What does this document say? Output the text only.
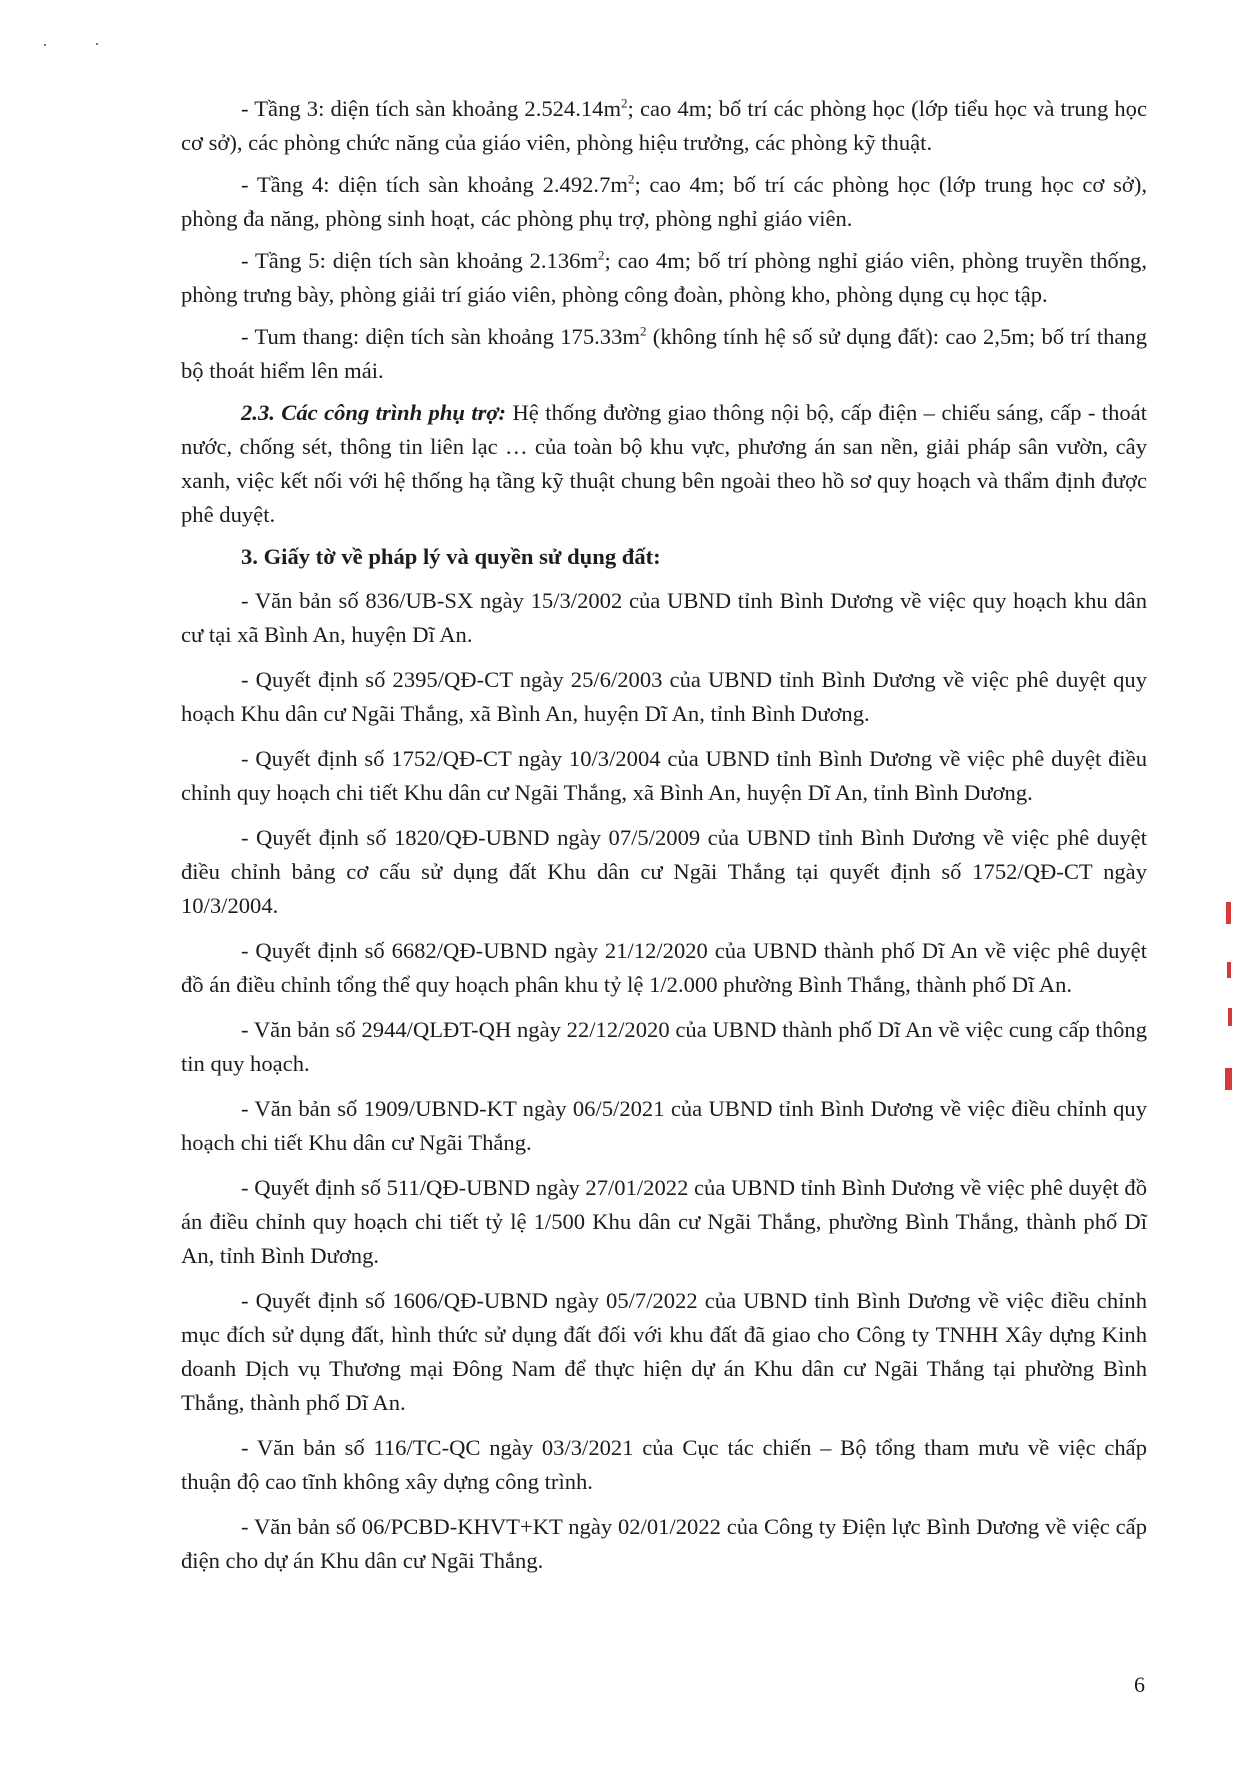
- Tầng 3: diện tích sàn khoảng $2.524.14m^2$; cao 4m; bố trí các phòng học (lớp tiểu học và trung học cơ sở), các phòng chức năng của giáo viên, phòng hiệu trưởng, các phòng kỹ thuật.

- Tầng 4: diện tích sàn khoảng $2.492.7m^2$; cao 4m; bố trí các phòng học (lớp trung học cơ sở), phòng đa năng, phòng sinh hoạt, các phòng phụ trợ, phòng nghỉ giáo viên.

- Tầng 5: diện tích sàn khoảng $2.136m^2$; cao 4m; bố trí phòng nghỉ giáo viên, phòng truyền thống, phòng trưng bày, phòng giải trí giáo viên, phòng công đoàn, phòng kho, phòng dụng cụ học tập.

- Tum thang: diện tích sàn khoảng $175.33m^2$ (không tính hệ số sử dụng đất): cao 2,5m; bố trí thang bộ thoát hiểm lên mái.

2.3. Các công trình phụ trợ: Hệ thống đường giao thông nội bộ, cấp điện – chiếu sáng, cấp - thoát nước, chống sét, thông tin liên lạc … của toàn bộ khu vực, phương án san nền, giải pháp sân vườn, cây xanh, việc kết nối với hệ thống hạ tầng kỹ thuật chung bên ngoài theo hồ sơ quy hoạch và thẩm định được phê duyệt.

3. Giấy tờ về pháp lý và quyền sử dụng đất:

- Văn bản số 836/UB-SX ngày 15/3/2002 của UBND tỉnh Bình Dương về việc quy hoạch khu dân cư tại xã Bình An, huyện Dĩ An.

- Quyết định số 2395/QĐ-CT ngày 25/6/2003 của UBND tỉnh Bình Dương về việc phê duyệt quy hoạch Khu dân cư Ngãi Thắng, xã Bình An, huyện Dĩ An, tỉnh Bình Dương.

- Quyết định số 1752/QĐ-CT ngày 10/3/2004 của UBND tỉnh Bình Dương về việc phê duyệt điều chỉnh quy hoạch chi tiết Khu dân cư Ngãi Thắng, xã Bình An, huyện Dĩ An, tỉnh Bình Dương.

- Quyết định số 1820/QĐ-UBND ngày 07/5/2009 của UBND tỉnh Bình Dương về việc phê duyệt điều chỉnh bảng cơ cấu sử dụng đất Khu dân cư Ngãi Thắng tại quyết định số 1752/QĐ-CT ngày 10/3/2004.

- Quyết định số 6682/QĐ-UBND ngày 21/12/2020 của UBND thành phố Dĩ An về việc phê duyệt đồ án điều chỉnh tổng thể quy hoạch phân khu tỷ lệ 1/2.000 phường Bình Thắng, thành phố Dĩ An.

- Văn bản số 2944/QLĐT-QH ngày 22/12/2020 của UBND thành phố Dĩ An về việc cung cấp thông tin quy hoạch.

- Văn bản số 1909/UBND-KT ngày 06/5/2021 của UBND tỉnh Bình Dương về việc điều chỉnh quy hoạch chi tiết Khu dân cư Ngãi Thắng.

- Quyết định số 511/QĐ-UBND ngày 27/01/2022 của UBND tỉnh Bình Dương về việc phê duyệt đồ án điều chỉnh quy hoạch chi tiết tỷ lệ 1/500 Khu dân cư Ngãi Thắng, phường Bình Thắng, thành phố Dĩ An, tỉnh Bình Dương.

- Quyết định số 1606/QĐ-UBND ngày 05/7/2022 của UBND tỉnh Bình Dương về việc điều chỉnh mục đích sử dụng đất, hình thức sử dụng đất đối với khu đất đã giao cho Công ty TNHH Xây dựng Kinh doanh Dịch vụ Thương mại Đông Nam để thực hiện dự án Khu dân cư Ngãi Thắng tại phường Bình Thắng, thành phố Dĩ An.

- Văn bản số 116/TC-QC ngày 03/3/2021 của Cục tác chiến – Bộ tổng tham mưu về việc chấp thuận độ cao tĩnh không xây dựng công trình.

- Văn bản số 06/PCBD-KHVT+KT ngày 02/01/2022 của Công ty Điện lực Bình Dương về việc cấp điện cho dự án Khu dân cư Ngãi Thắng.

6
